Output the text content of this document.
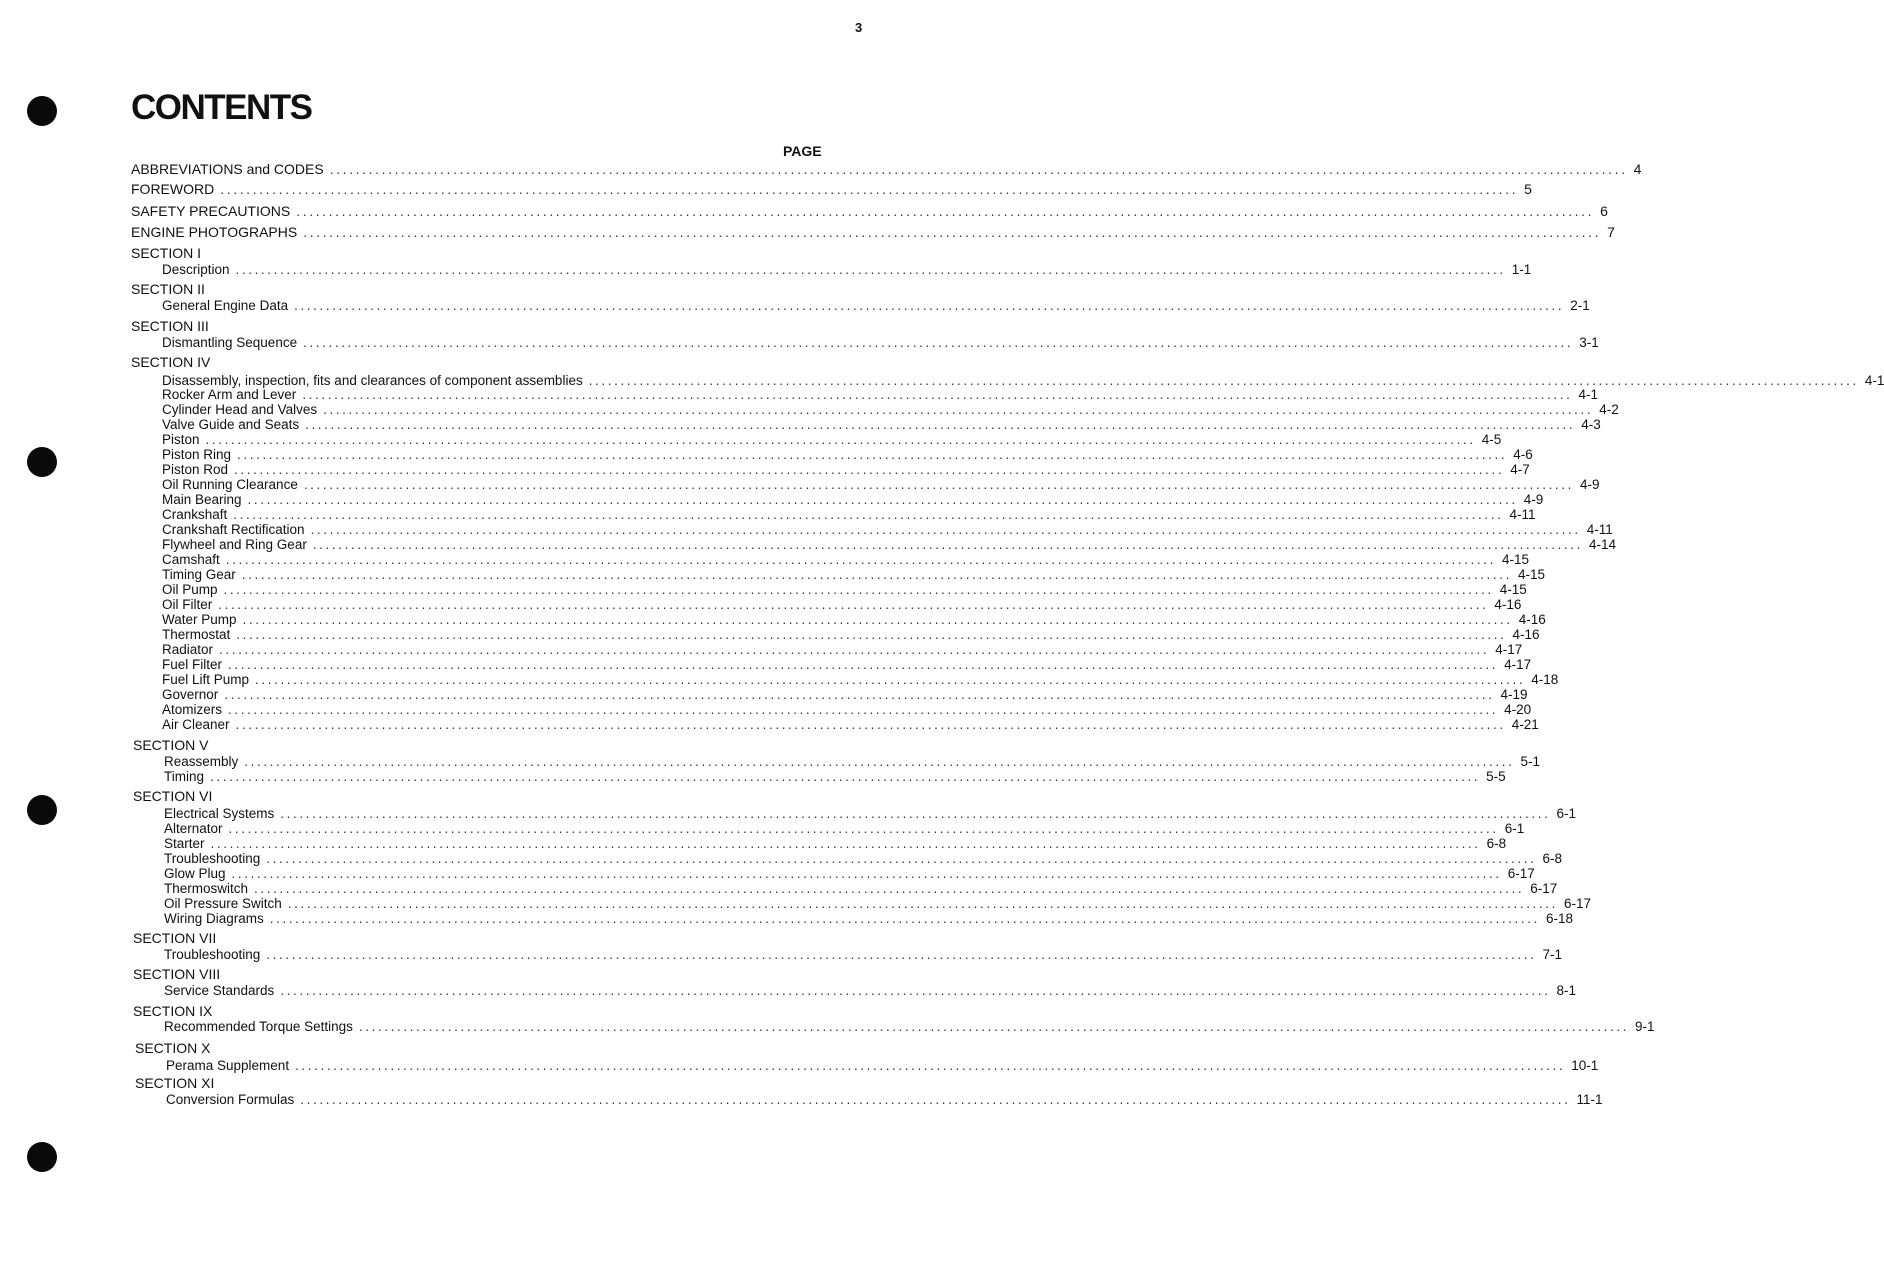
3
CONTENTS
PAGE
ABBREVIATIONS and CODES ........................................................................................................................................................................................................ 4
FOREWORD ........................................................................................................................................................................................................ 5
SAFETY PRECAUTIONS ........................................................................................................................................................................................................ 6
ENGINE PHOTOGRAPHS ........................................................................................................................................................................................................ 7
SECTION I
Description ........................................................................................................................................................................................................ 1-1
SECTION II
General Engine Data ........................................................................................................................................................................................................ 2-1
SECTION III
Dismantling Sequence ........................................................................................................................................................................................................ 3-1
SECTION IV
Disassembly, inspection, fits and clearances of component assemblies ........................................................................................................................................................................................................ 4-1
Rocker Arm and Lever ........................................................................................................................................................................................................ 4-1
Cylinder Head and Valves ........................................................................................................................................................................................................ 4-2
Valve Guide and Seats ........................................................................................................................................................................................................ 4-3
Piston ........................................................................................................................................................................................................ 4-5
Piston Ring ........................................................................................................................................................................................................ 4-6
Piston Rod ........................................................................................................................................................................................................ 4-7
Oil Running Clearance ........................................................................................................................................................................................................ 4-9
Main Bearing ........................................................................................................................................................................................................ 4-9
Crankshaft ........................................................................................................................................................................................................ 4-11
Crankshaft Rectification ........................................................................................................................................................................................................ 4-11
Flywheel and Ring Gear ........................................................................................................................................................................................................ 4-14
Camshaft ........................................................................................................................................................................................................ 4-15
Timing Gear ........................................................................................................................................................................................................ 4-15
Oil Pump ........................................................................................................................................................................................................ 4-15
Oil Filter ........................................................................................................................................................................................................ 4-16
Water Pump ........................................................................................................................................................................................................ 4-16
Thermostat ........................................................................................................................................................................................................ 4-16
Radiator ........................................................................................................................................................................................................ 4-17
Fuel Filter ........................................................................................................................................................................................................ 4-17
Fuel Lift Pump ........................................................................................................................................................................................................ 4-18
Governor ........................................................................................................................................................................................................ 4-19
Atomizers ........................................................................................................................................................................................................ 4-20
Air Cleaner ........................................................................................................................................................................................................ 4-21
SECTION V
Reassembly ........................................................................................................................................................................................................ 5-1
Timing ........................................................................................................................................................................................................ 5-5
SECTION VI
Electrical Systems ........................................................................................................................................................................................................ 6-1
Alternator ........................................................................................................................................................................................................ 6-1
Starter ........................................................................................................................................................................................................ 6-8
Troubleshooting ........................................................................................................................................................................................................ 6-8
Glow Plug ........................................................................................................................................................................................................ 6-17
Thermoswitch ........................................................................................................................................................................................................ 6-17
Oil Pressure Switch ........................................................................................................................................................................................................ 6-17
Wiring Diagrams ........................................................................................................................................................................................................ 6-18
SECTION VII
Troubleshooting ........................................................................................................................................................................................................ 7-1
SECTION VIII
Service Standards ........................................................................................................................................................................................................ 8-1
SECTION IX
Recommended Torque Settings ........................................................................................................................................................................................................ 9-1
SECTION X
Perama Supplement ........................................................................................................................................................................................................ 10-1
SECTION XI
Conversion Formulas ........................................................................................................................................................................................................ 11-1
